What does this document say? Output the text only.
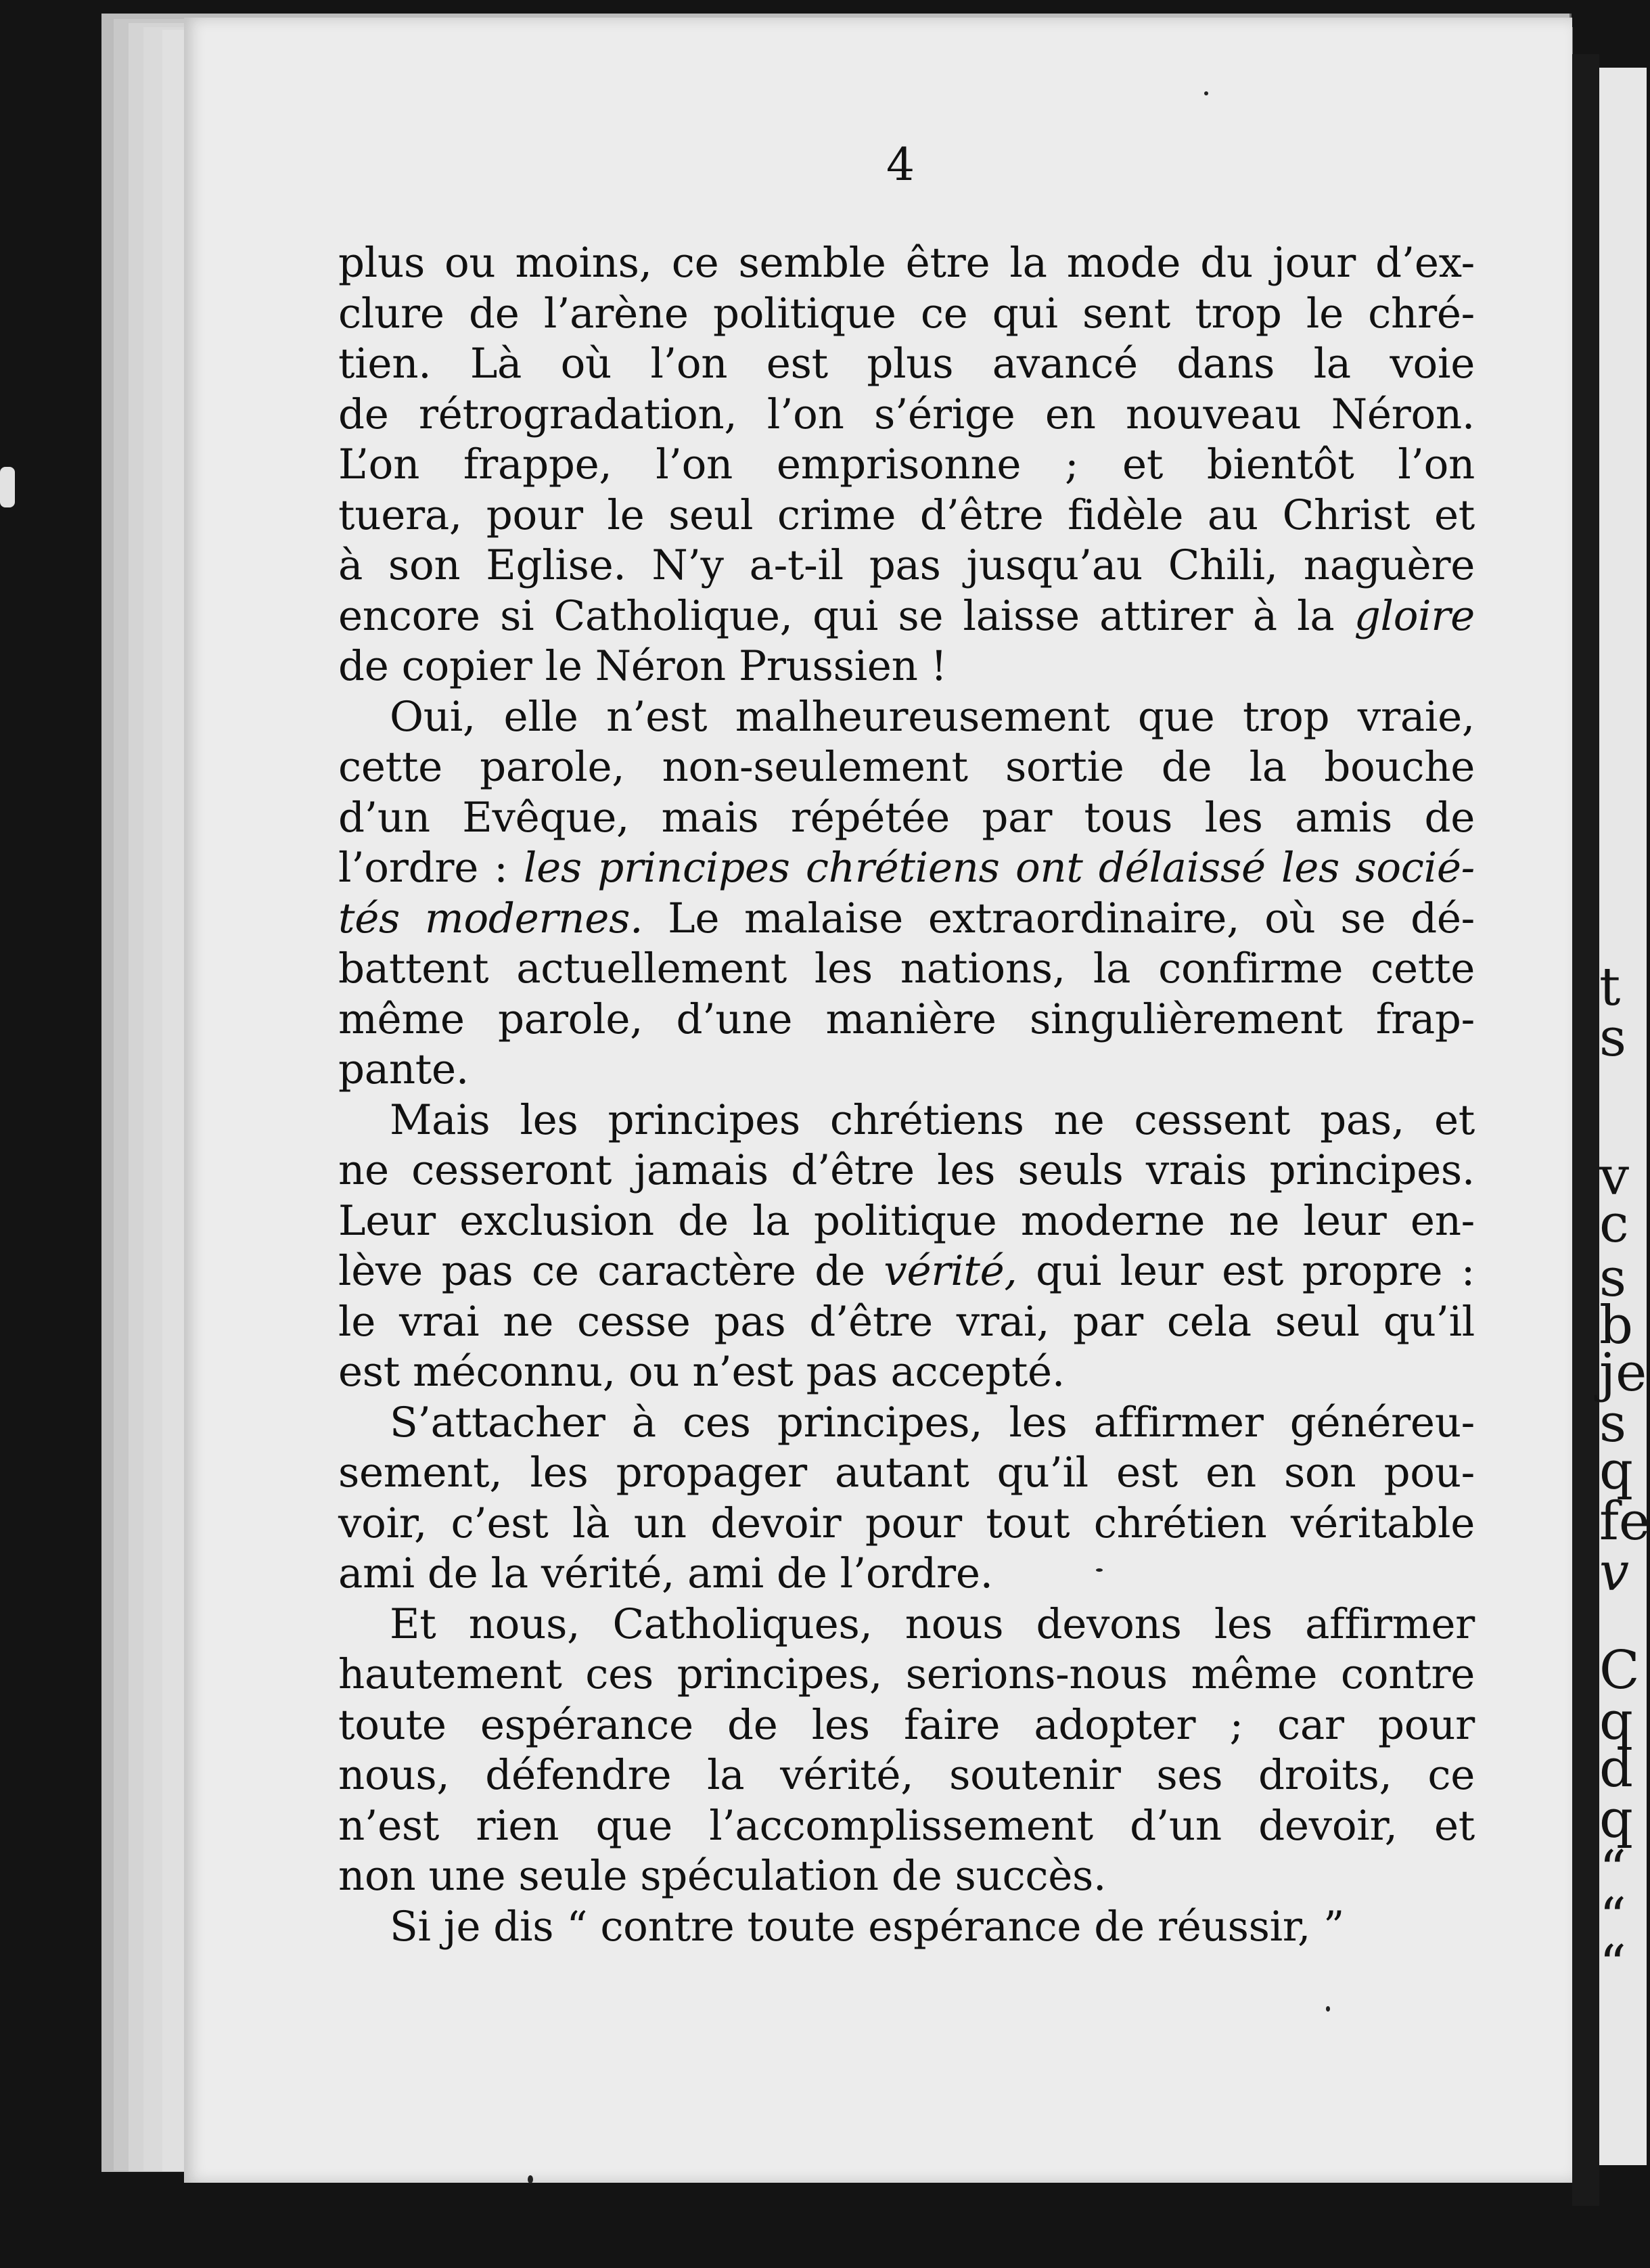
t
s
v
c
s
b
je
s
q
fe
v
C
q
d
q
“
“
“
4
plus ou moins, ce semble être la mode du jour d’ex-
clure de l’arène politique ce qui sent trop le chré-
tien. Là où l’on est plus avancé dans la voie
de rétrogradation, l’on s’érige en nouveau Néron.
L’on frappe, l’on emprisonne ; et bientôt l’on
tuera, pour le seul crime d’être fidèle au Christ et
à son Eglise. N’y a-t-il pas jusqu’au Chili, naguère
encore si Catholique, qui se laisse attirer à la gloire
de copier le Néron Prussien !
Oui, elle n’est malheureusement que trop vraie,
cette parole, non-seulement sortie de la bouche
d’un Evêque, mais répétée par tous les amis de
l’ordre : les principes chrétiens ont délaissé les socié-
tés modernes. Le malaise extraordinaire, où se dé-
battent actuellement les nations, la confirme cette
même parole, d’une manière singulièrement frap-
pante.
Mais les principes chrétiens ne cessent pas, et
ne cesseront jamais d’être les seuls vrais principes.
Leur exclusion de la politique moderne ne leur en-
lève pas ce caractère de vérité, qui leur est propre :
le vrai ne cesse pas d’être vrai, par cela seul qu’il
est méconnu, ou n’est pas accepté.
S’attacher à ces principes, les affirmer généreu-
sement, les propager autant qu’il est en son pou-
voir, c’est là un devoir pour tout chrétien véritable
ami de la vérité, ami de l’ordre.
Et nous, Catholiques, nous devons les affirmer
hautement ces principes, serions-nous même contre
toute espérance de les faire adopter ; car pour
nous, défendre la vérité, soutenir ses droits, ce
n’est rien que l’accomplissement d’un devoir, et
non une seule spéculation de succès.
Si je dis “ contre toute espérance de réussir, ”
